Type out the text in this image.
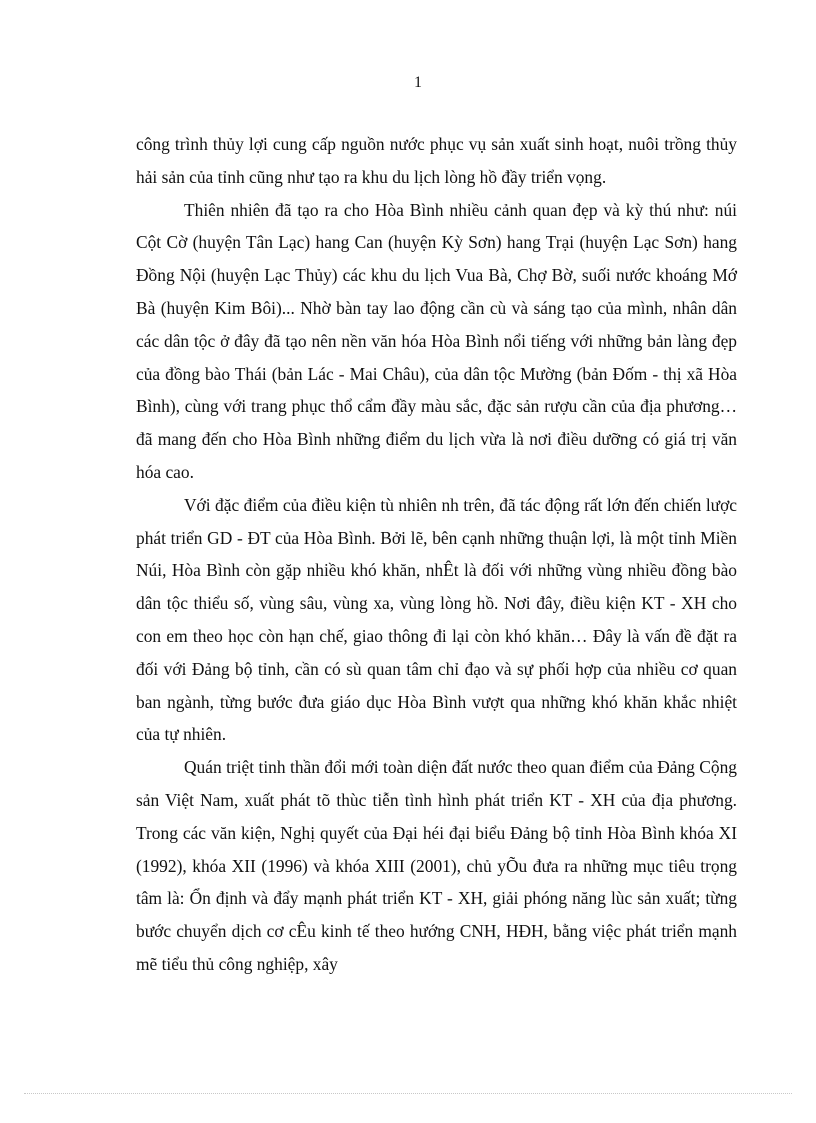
1

công trình thủy lợi cung cấp nguồn nước phục vụ sản xuất sinh hoạt, nuôi trồng thủy hải sản của tỉnh cũng như tạo ra khu du lịch lòng hồ đầy triển vọng.

Thiên nhiên đã tạo ra cho Hòa Bình nhiều cảnh quan đẹp và kỳ thú như: núi Cột Cờ (huyện Tân Lạc) hang Can (huyện Kỳ Sơn) hang Trại (huyện Lạc Sơn) hang Đồng Nội (huyện Lạc Thủy) các khu du lịch Vua Bà, Chợ Bờ, suối nước khoáng Mớ Bà (huyện Kim Bôi)... Nhờ bàn tay lao động cần cù và sáng tạo của mình, nhân dân các dân tộc ở đây đã tạo nên nền văn hóa Hòa Bình nổi tiếng với những bản làng đẹp của đồng bào Thái (bản Lác - Mai Châu), của dân tộc Mường (bản Đốm - thị xã Hòa Bình), cùng với trang phục thổ cẩm đầy màu sắc, đặc sản rượu cần của địa phương… đã mang đến cho Hòa Bình những điểm du lịch vừa là nơi điều dưỡng có giá trị văn hóa cao.

Với đặc điểm của điều kiện tù nhiên nh trên, đã tác động rất lớn đến chiến lược phát triển GD - ĐT của Hòa Bình. Bởi lẽ, bên cạnh những thuận lợi, là một tỉnh Miền Núi, Hòa Bình còn gặp nhiều khó khăn, nhÊt là đối với những vùng nhiều đồng bào dân tộc thiểu số, vùng sâu, vùng xa, vùng lòng hồ. Nơi đây, điều kiện KT - XH cho con em theo học còn hạn chế, giao thông đi lại còn khó khăn… Đây là vấn đề đặt ra đối với Đảng bộ tỉnh, cần có sù quan tâm chỉ đạo và sự phối hợp của nhiều cơ quan ban ngành, từng bước đưa giáo dục Hòa Bình vượt qua những khó khăn khắc nhiệt của tự nhiên.

Quán triệt tinh thần đổi mới toàn diện đất nước theo quan điểm của Đảng Cộng sản Việt Nam, xuất phát tõ thùc tiễn tình hình phát triển KT - XH của địa phương. Trong các văn kiện, Nghị quyết của Đại héi đại biểu Đảng bộ tỉnh Hòa Bình khóa XI (1992), khóa XII (1996) và khóa XIII (2001), chủ yÕu đưa ra những mục tiêu trọng tâm là: Ổn định và đẩy mạnh phát triển KT - XH, giải phóng năng lùc sản xuất; từng bước chuyển dịch cơ cÊu kinh tế theo hướng CNH, HĐH, bằng việc phát triển mạnh mẽ tiểu thủ công nghiệp, xây
